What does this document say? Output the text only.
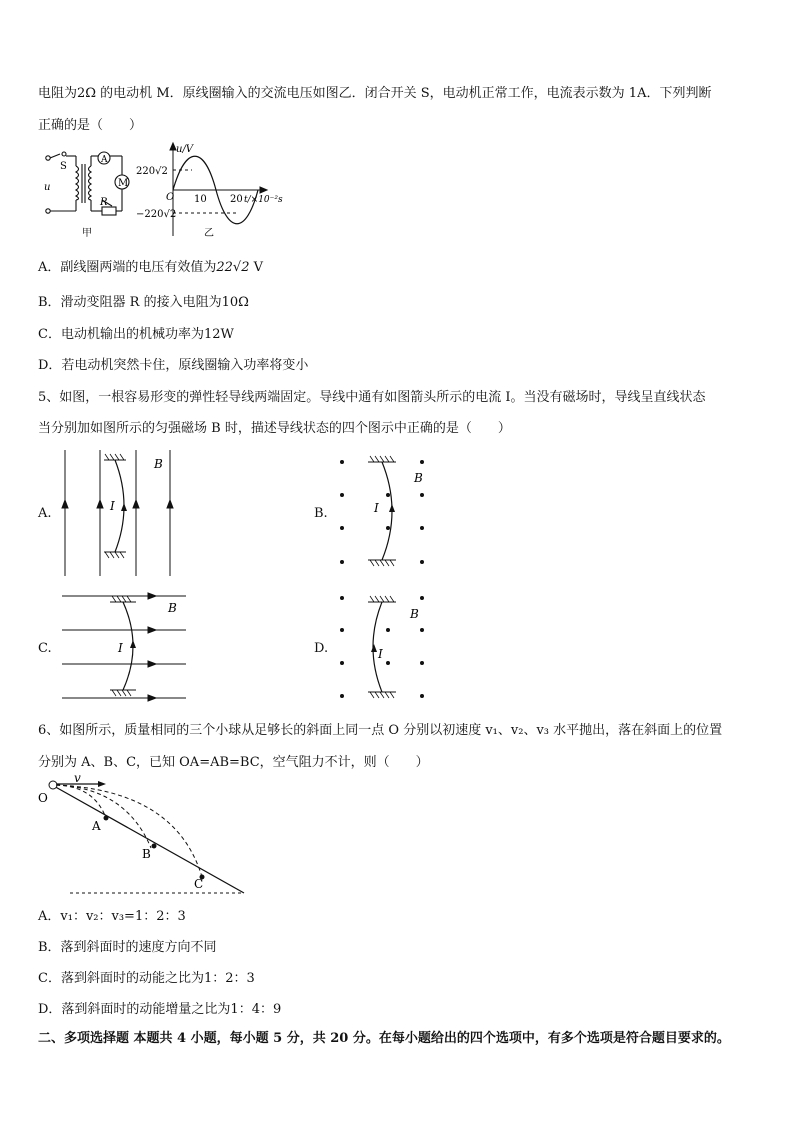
电阻为2Ω 的电动机 M．原线圈输入的交流电压如图乙．闭合开关 S，电动机正常工作，电流表示数为 1A．下列判断
正确的是（　　）
S
A
M
R
u
甲
u/V
220√2
−220√2
O 10 20 t/×10⁻²s
乙
A．副线圈两端的电压有效值为22√2 V
B．滑动变阻器 R 的接入电阻为10Ω
C．电动机输出的机械功率为12W
D．若电动机突然卡住，原线圈输入功率将变小
5、如图，一根容易形变的弹性轻导线两端固定。导线中通有如图箭头所示的电流 I。当没有磁场时，导线呈直线状态
当分别加如图所示的匀强磁场 B 时，描述导线状态的四个图示中正确的是（　　）
A.	B.
C.	D.
I
B
I
B
I
B
I
B
6、如图所示，质量相同的三个小球从足够长的斜面上同一点 O 分别以初速度 v₁、v₂、v₃ 水平抛出，落在斜面上的位置
分别为 A、B、C，已知 OA=AB=BC，空气阻力不计，则（　　）
O
A
B
C
v
A．v₁：v₂：v₃=1：2：3
B．落到斜面时的速度方向不同
C．落到斜面时的动能之比为1：2：3
D．落到斜面时的动能增量之比为1：4：9
二、多项选择题 本题共 4 小题，每小题 5 分，共 20 分。在每小题给出的四个选项中，有多个选项是符合题目要求的。
